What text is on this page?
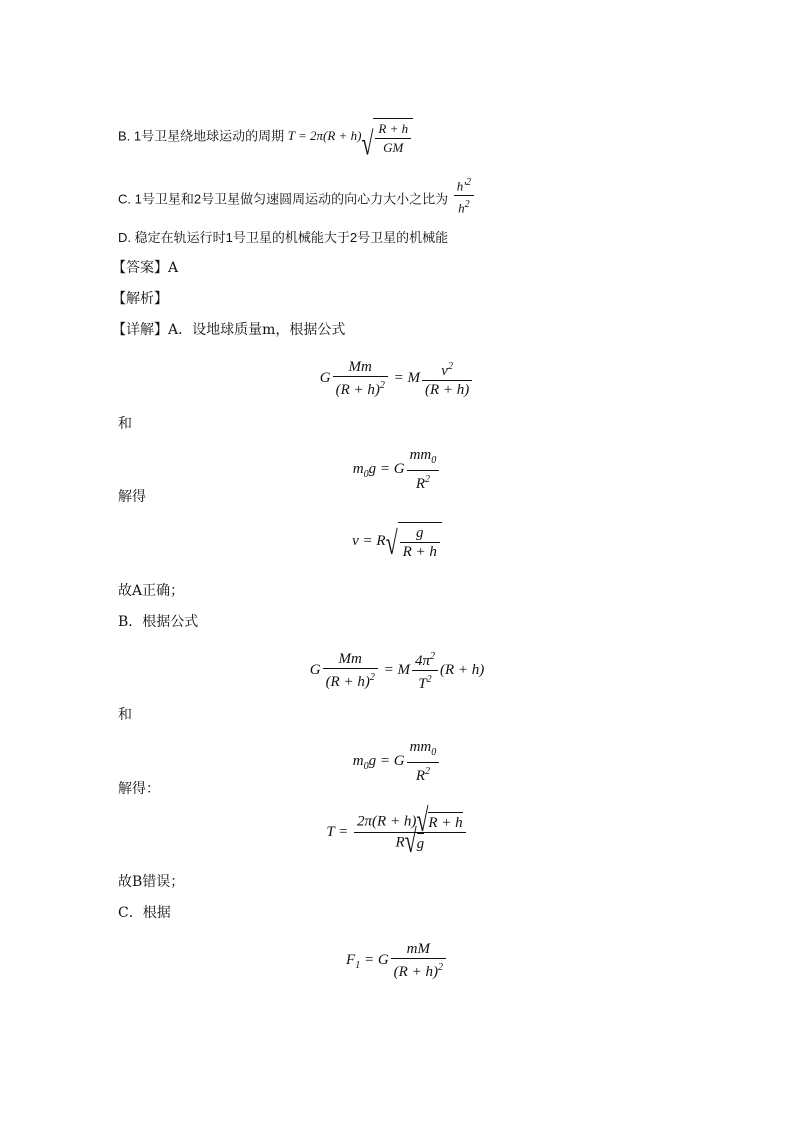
B. 1号卫星绕地球运动的周期 T = 2π(R + h) √ $\frac{R + h}{GM}$
C. 1号卫星和2号卫星做匀速圆周运动的向心力大小之比为 $\frac{h'^2}{h^2}$
D. 稳定在轨运行时1号卫星的机械能大于2号卫星的机械能
【答案】A
【解析】
【详解】A．设地球质量m，根据公式
G $\frac{Mm}{(R + h)^2} = M \frac{v^2}{(R + h)}$
和
$m_0g = G \frac{mm_0}{R^2}$
解得
v = R √ $\frac{g}{R + h}$
故A正确；
B．根据公式
G $\frac{Mm}{(R + h)^2} = M \frac{4\pi^2}{T^2} (R + h)$
和
$m_0g = G \frac{mm_0}{R^2}$
解得：
$T = \frac{2\pi(R + h) √ R + h}{R √ g}$
故B错误；
C．根据
$F_1 = G \frac{mM}{(R + h)^2}$
